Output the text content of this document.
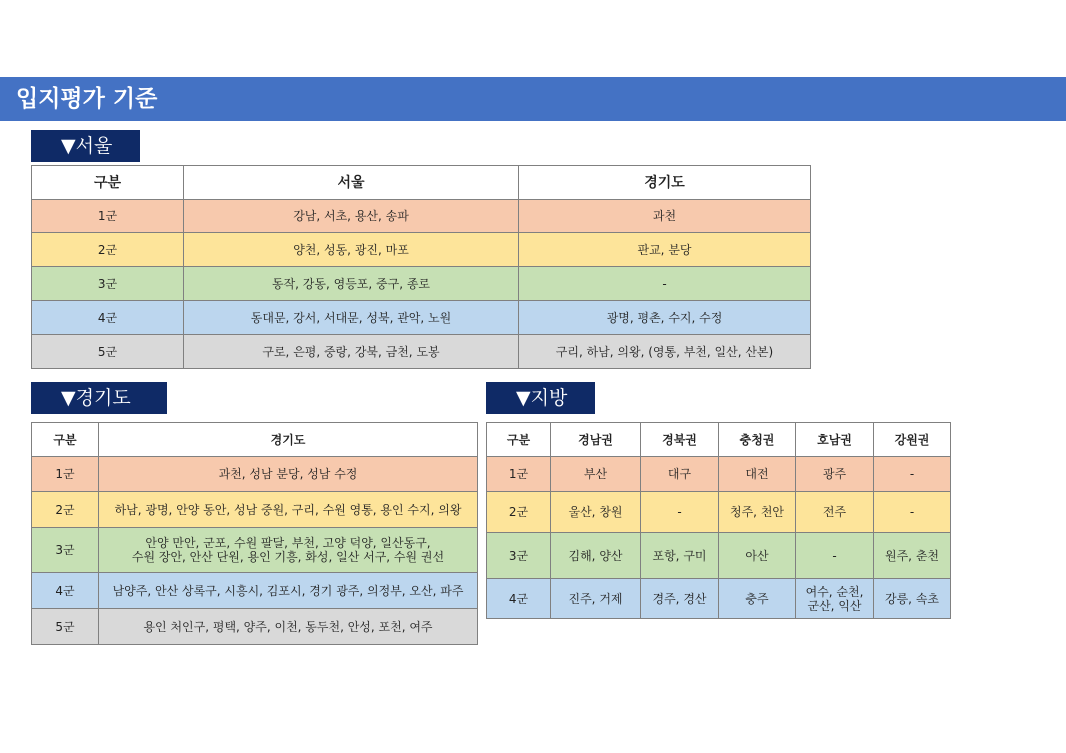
입지평가 기준
▼서울
구분	서울	경기도
1군	강남, 서초, 용산, 송파	과천
2군	양천, 성동, 광진, 마포	판교, 분당
3군	동작, 강동, 영등포, 중구, 종로	-
4군	동대문, 강서, 서대문, 성북, 관악, 노원	광명, 평촌, 수지, 수정
5군	구로, 은평, 중랑, 강북, 금천, 도봉	구리, 하남, 의왕, (영통, 부천, 일산, 산본)
▼경기도
구분	경기도
1군	과천, 성남 분당, 성남 수정
2군	하남, 광명, 안양 동안, 성남 중원, 구리, 수원 영통, 용인 수지, 의왕
3군	안양 만안, 군포, 수원 팔달, 부천, 고양 덕양, 일산동구,
수원 장안, 안산 단원, 용인 기흥, 화성, 일산 서구, 수원 권선

4군	남양주, 안산 상록구, 시흥시, 김포시, 경기 광주, 의정부, 오산, 파주
5군	용인 처인구, 평택, 양주, 이천, 동두천, 안성, 포천, 여주
▼지방
구분	경남권	경북권	충청권	호남권	강원권
1군	부산	대구	대전	광주	-
2군	울산, 창원	-	청주, 천안	전주	-
3군	김해, 양산	포항, 구미	아산	-	원주, 춘천
4군	진주, 거제	경주, 경산	충주	여수, 순천,
군산, 익산	강릉, 속초
